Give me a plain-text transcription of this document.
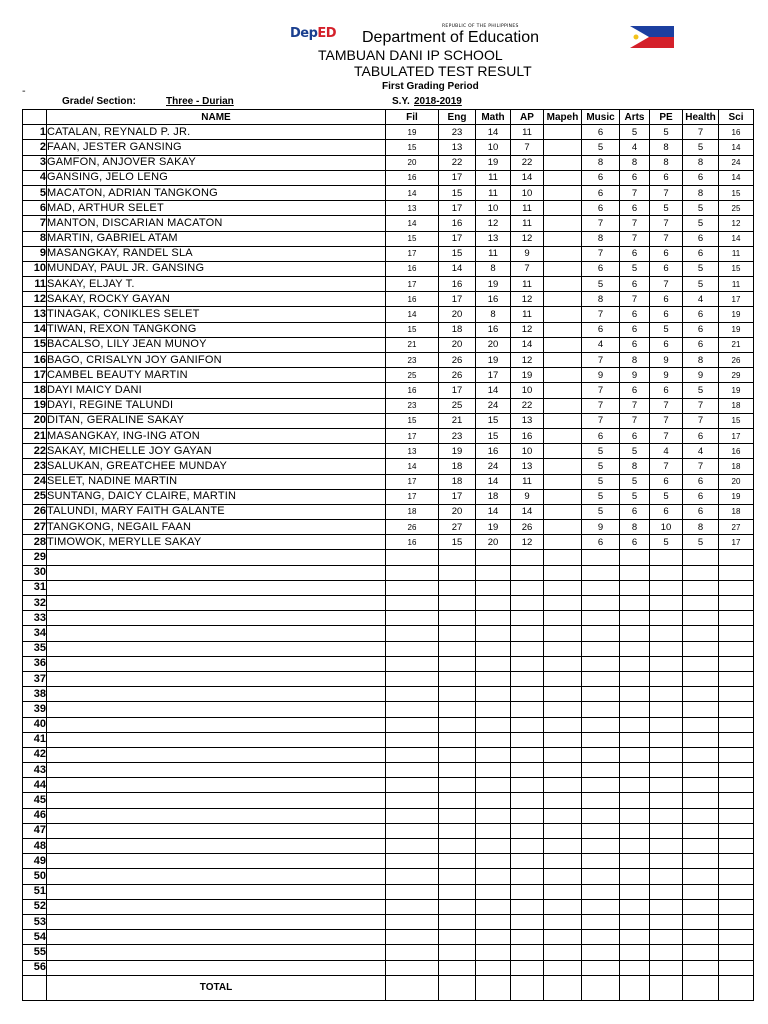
DepED	REPUBLIC OF THE PHILIPPINES
Department of Education
TAMBUAN DANI IP SCHOOL
TABULATED TEST RESULT
First Grading Period
-
Grade/ Section:	Three - Durian	S.Y. 2018-2019
	NAME	Fil	Eng	Math	AP	Mapeh	Music	Arts	PE	Health	Sci
1	CATALAN, REYNALD P. JR.	19	23	14	11		6	5	5	7	16
2	FAAN, JESTER GANSING	15	13	10	7		5	4	8	5	14
3	GAMFON, ANJOVER SAKAY	20	22	19	22		8	8	8	8	24
4	GANSING, JELO LENG	16	17	11	14		6	6	6	6	14
5	MACATON, ADRIAN TANGKONG	14	15	11	10		6	7	7	8	15
6	MAD, ARTHUR SELET	13	17	10	11		6	6	5	5	25
7	MANTON, DISCARIAN MACATON	14	16	12	11		7	7	7	5	12
8	MARTIN, GABRIEL ATAM	15	17	13	12		8	7	7	6	14
9	MASANGKAY, RANDEL SLA	17	15	11	9		7	6	6	6	11
10	MUNDAY, PAUL JR. GANSING	16	14	8	7		6	5	6	5	15
11	SAKAY, ELJAY T.	17	16	19	11		5	6	7	5	11
12	SAKAY, ROCKY GAYAN	16	17	16	12		8	7	6	4	17
13	TINAGAK, CONIKLES SELET	14	20	8	11		7	6	6	6	19
14	TIWAN, REXON TANGKONG	15	18	16	12		6	6	5	6	19
15	BACALSO, LILY JEAN MUNOY	21	20	20	14		4	6	6	6	21
16	BAGO, CRISALYN JOY GANIFON	23	26	19	12		7	8	9	8	26
17	CAMBEL BEAUTY MARTIN	25	26	17	19		9	9	9	9	29
18	DAYI MAICY DANI	16	17	14	10		7	6	6	5	19
19	DAYI, REGINE TALUNDI	23	25	24	22		7	7	7	7	18
20	DITAN, GERALINE SAKAY	15	21	15	13		7	7	7	7	15
21	MASANGKAY, ING-ING ATON	17	23	15	16		6	6	7	6	17
22	SAKAY, MICHELLE JOY GAYAN	13	19	16	10		5	5	4	4	16
23	SALUKAN, GREATCHEE MUNDAY	14	18	24	13		5	8	7	7	18
24	SELET, NADINE MARTIN	17	18	14	11		5	5	6	6	20
25	SUNTANG, DAICY CLAIRE, MARTIN	17	17	18	9		5	5	5	6	19
26	TALUNDI, MARY FAITH GALANTE	18	20	14	14		5	6	6	6	18
27	TANGKONG, NEGAIL FAAN	26	27	19	26		9	8	10	8	27
28	TIMOWOK, MERYLLE SAKAY	16	15	20	12		6	6	5	5	17
29											
30											
31											
32											
33											
34											
35											
36											
37											
38											
39											
40											
41											
42											
43											
44											
45											
46											
47											
48											
49											
50											
51											
52											
53											
54											
55											
56											
	TOTAL										
